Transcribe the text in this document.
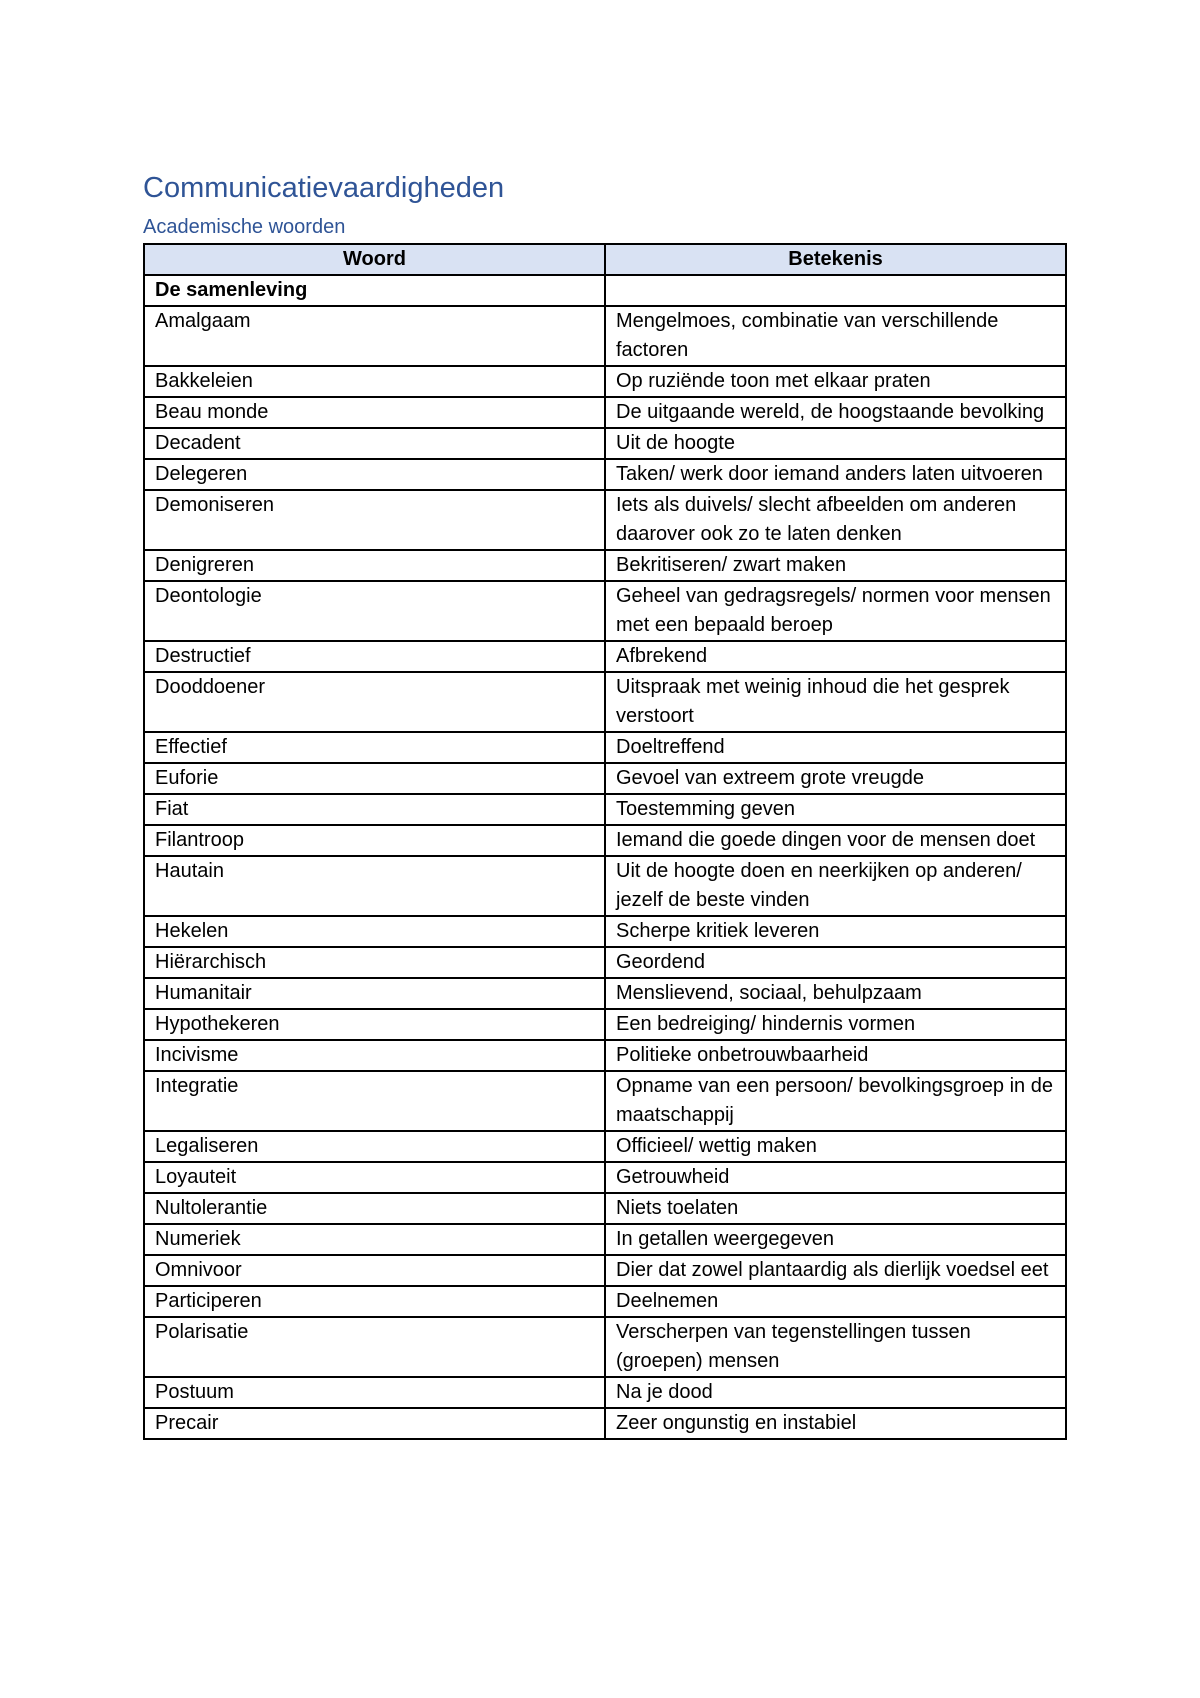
Communicatievaardigheden
Academische woorden
Woord	Betekenis
De samenleving	
Amalgaam	Mengelmoes, combinatie van verschillende factoren
Bakkeleien	Op ruziënde toon met elkaar praten
Beau monde	De uitgaande wereld, de hoogstaande bevolking
Decadent	Uit de hoogte
Delegeren	Taken/ werk door iemand anders laten uitvoeren
Demoniseren	Iets als duivels/ slecht afbeelden om anderen daarover ook zo te laten denken
Denigreren	Bekritiseren/ zwart maken
Deontologie	Geheel van gedragsregels/ normen voor mensen met een bepaald beroep
Destructief	Afbrekend
Dooddoener	Uitspraak met weinig inhoud die het gesprek verstoort
Effectief	Doeltreffend
Euforie	Gevoel van extreem grote vreugde
Fiat	Toestemming geven
Filantroop	Iemand die goede dingen voor de mensen doet
Hautain	Uit de hoogte doen en neerkijken op anderen/ jezelf de beste vinden
Hekelen	Scherpe kritiek leveren
Hiërarchisch	Geordend
Humanitair	Menslievend, sociaal, behulpzaam
Hypothekeren	Een bedreiging/ hindernis vormen
Incivisme	Politieke onbetrouwbaarheid
Integratie	Opname van een persoon/ bevolkingsgroep in de maatschappij
Legaliseren	Officieel/ wettig maken
Loyauteit	Getrouwheid
Nultolerantie	Niets toelaten
Numeriek	In getallen weergegeven
Omnivoor	Dier dat zowel plantaardig als dierlijk voedsel eet
Participeren	Deelnemen
Polarisatie	Verscherpen van tegenstellingen tussen (groepen) mensen
Postuum	Na je dood
Precair	Zeer ongunstig en instabiel
